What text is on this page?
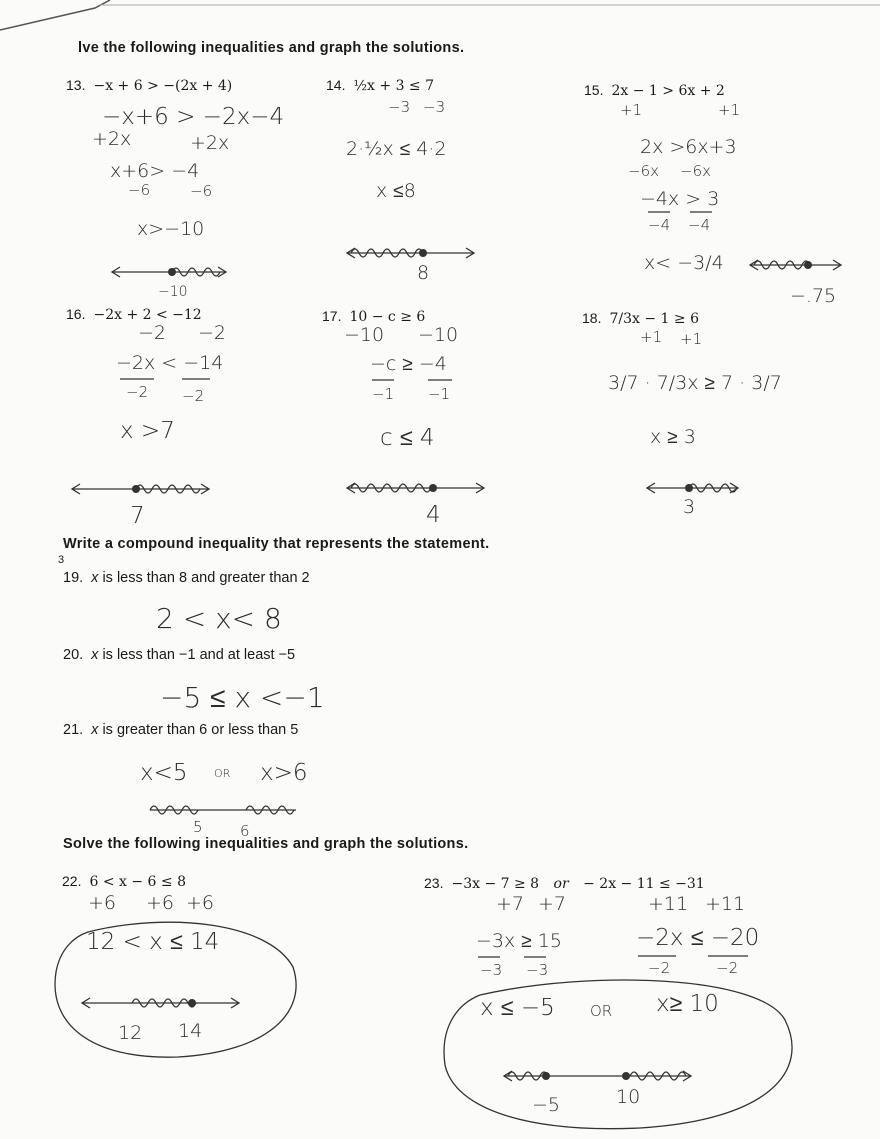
lve the following inequalities and graph the solutions.
13. −x + 6 > −(2x + 4)
−x+6 > −2x−4
+2x	+2x
x+6> −4
−6	−6
x>−10
−10
14. ½x + 3 ≤ 7
−3 −3
2·½x ≤ 4·2
x ≤8
8
15. 2x − 1 > 6x + 2
+1	+1
2x >6x+3
−6x −6x
−4x > 3
−4 −4
x< −3/4
−.75
16. −2x + 2 < −12
−2 −2
−2x < −14
−2 −2
x >7
7
17. 10 − c ≥ 6
−10 −10
−c ≥ −4
−1 −1
c ≤ 4
4
18. 7/3x − 1 ≥ 6
+1 +1
3/7 · 7/3x ≥ 7 · 3/7
x ≥ 3
3
Write a compound inequality that represents the statement.
3
19. x is less than 8 and greater than 2
2 < x< 8
20. x is less than −1 and at least −5
−5 ≤ x <−1
21. x is greater than 6 or less than 5
x<5 OR x>6
5 6
Solve the following inequalities and graph the solutions.
22. 6 < x − 6 ≤ 8
+6 +6 +6
12 < x ≤ 14
12 14
23. −3x − 7 ≥ 8 or − 2x − 11 ≤ −31
+7 +7	+11 +11
−3x ≥ 15
−3 −3
−2x ≤ −20
−2	−2
x ≤ −5 OR x≥ 10
−5	10
